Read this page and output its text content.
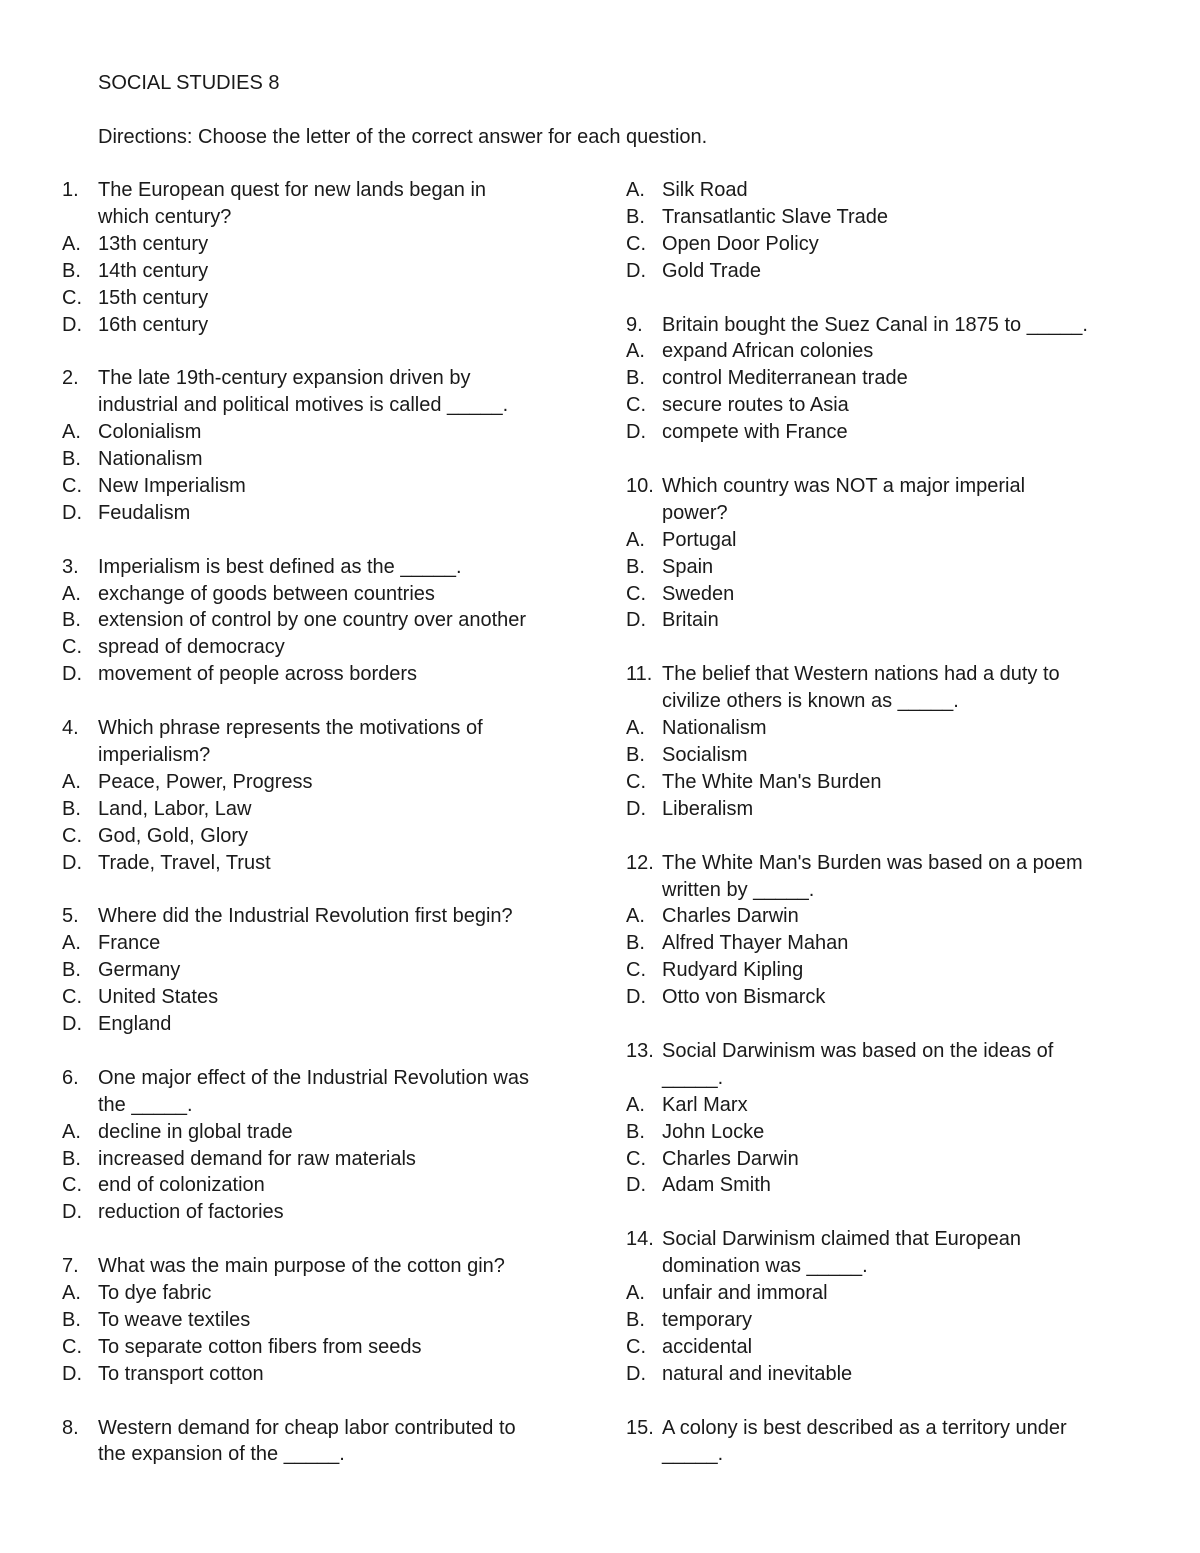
SOCIAL STUDIES 8
Directions: Choose the letter of the correct answer for each question.
1. The European quest for new lands began in
which century?
A. 13th century
B. 14th century
C. 15th century
D. 16th century
2. The late 19th-century expansion driven by
industrial and political motives is called _____.
A. Colonialism
B. Nationalism
C. New Imperialism
D. Feudalism
3. Imperialism is best defined as the _____.
A. exchange of goods between countries
B. extension of control by one country over another
C. spread of democracy
D. movement of people across borders
4. Which phrase represents the motivations of
imperialism?
A. Peace, Power, Progress
B. Land, Labor, Law
C. God, Gold, Glory
D. Trade, Travel, Trust
5. Where did the Industrial Revolution first begin?
A. France
B. Germany
C. United States
D. England
6. One major effect of the Industrial Revolution was
the _____.
A. decline in global trade
B. increased demand for raw materials
C. end of colonization
D. reduction of factories
7. What was the main purpose of the cotton gin?
A. To dye fabric
B. To weave textiles
C. To separate cotton fibers from seeds
D. To transport cotton
8. Western demand for cheap labor contributed to
the expansion of the _____.
A. Silk Road
B. Transatlantic Slave Trade
C. Open Door Policy
D. Gold Trade
9. Britain bought the Suez Canal in 1875 to _____.
A. expand African colonies
B. control Mediterranean trade
C. secure routes to Asia
D. compete with France
10. Which country was NOT a major imperial
power?
A. Portugal
B. Spain
C. Sweden
D. Britain
11. The belief that Western nations had a duty to
civilize others is known as _____.
A. Nationalism
B. Socialism
C. The White Man's Burden
D. Liberalism
12. The White Man's Burden was based on a poem
written by _____.
A. Charles Darwin
B. Alfred Thayer Mahan
C. Rudyard Kipling
D. Otto von Bismarck
13. Social Darwinism was based on the ideas of
_____.
A. Karl Marx
B. John Locke
C. Charles Darwin
D. Adam Smith
14. Social Darwinism claimed that European
domination was _____.
A. unfair and immoral
B. temporary
C. accidental
D. natural and inevitable
15. A colony is best described as a territory under
_____.
